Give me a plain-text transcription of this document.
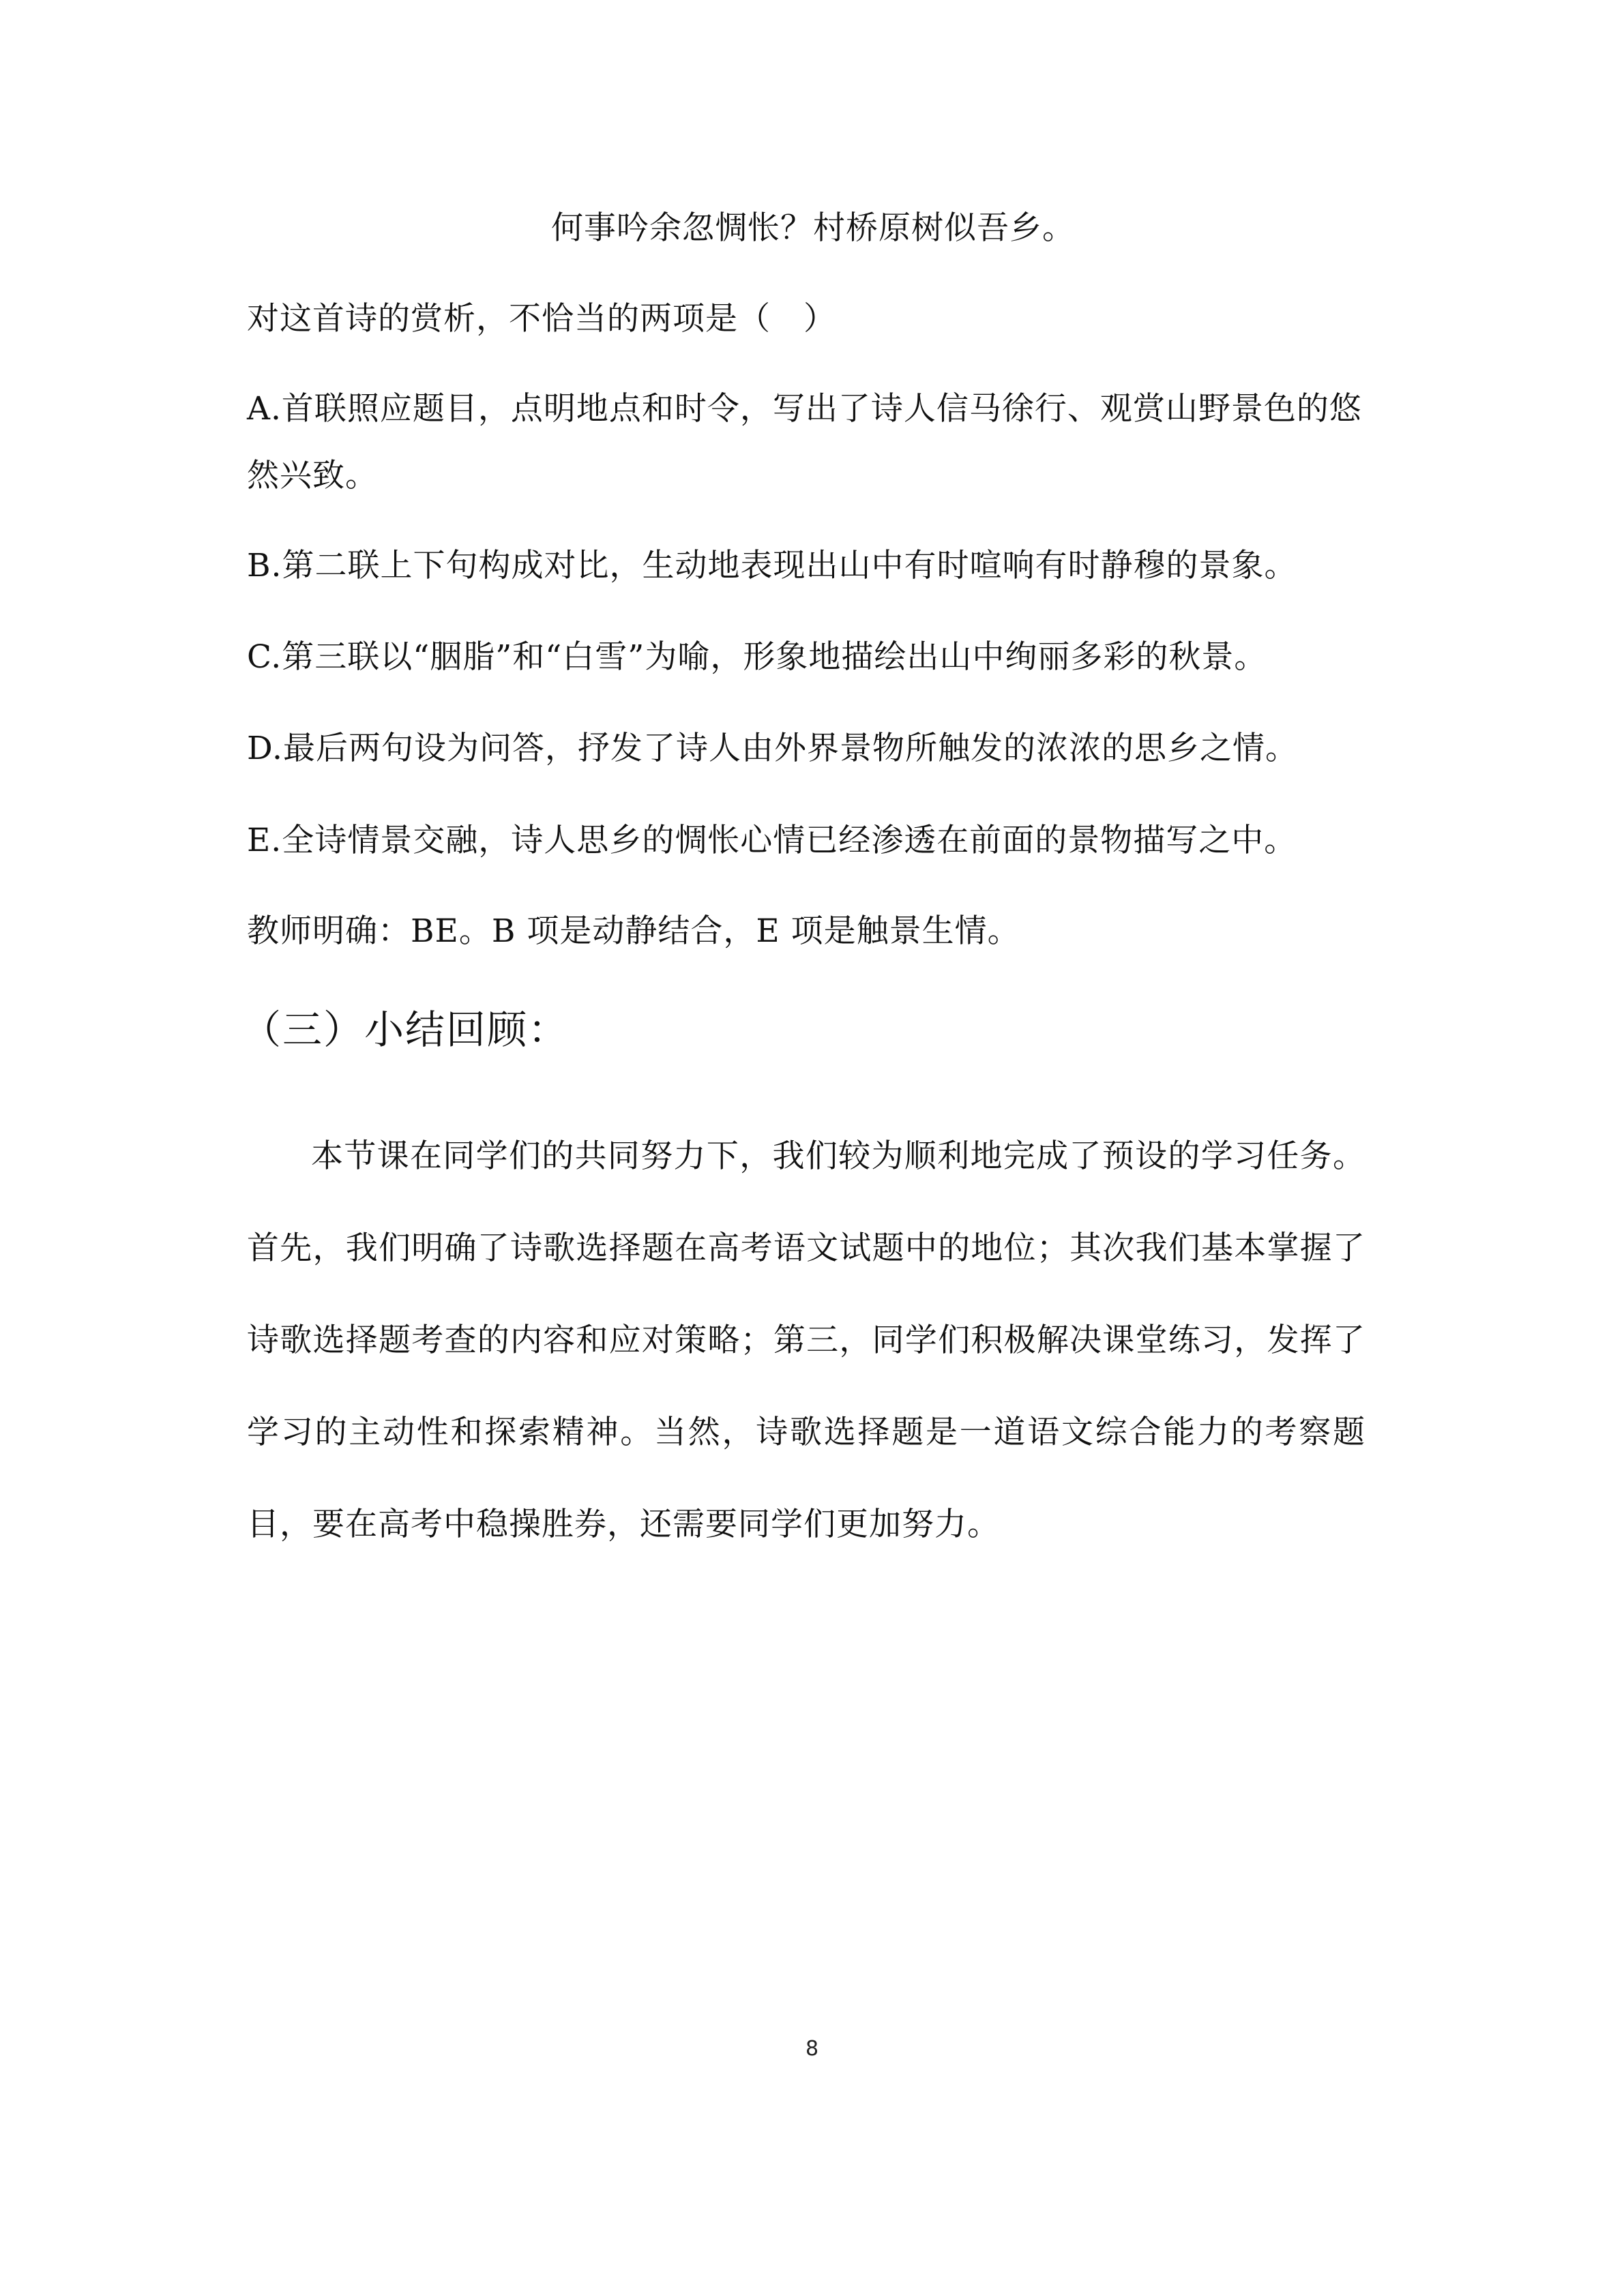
何事吟余忽惆怅？村桥原树似吾乡。
对这首诗的赏析，不恰当的两项是（　）
A.首联照应题目，点明地点和时令，写出了诗人信马徐行、观赏山野景色的悠
然兴致。
B.第二联上下句构成对比，生动地表现出山中有时喧响有时静穆的景象。
C.第三联以“胭脂”和“白雪”为喻，形象地描绘出山中绚丽多彩的秋景。
D.最后两句设为问答，抒发了诗人由外界景物所触发的浓浓的思乡之情。
E.全诗情景交融，诗人思乡的惆怅心情已经渗透在前面的景物描写之中。
教师明确：BE。B 项是动静结合，E 项是触景生情。
（三）小结回顾：
本节课在同学们的共同努力下，我们较为顺利地完成了预设的学习任务。首先，我们明确了诗歌选择题在高考语文试题中的地位；其次我们基本掌握了诗歌选择题考查的内容和应对策略；第三，同学们积极解决课堂练习，发挥了学习的主动性和探索精神。当然，诗歌选择题是一道语文综合能力的考察题目，要在高考中稳操胜券，还需要同学们更加努力。
8
